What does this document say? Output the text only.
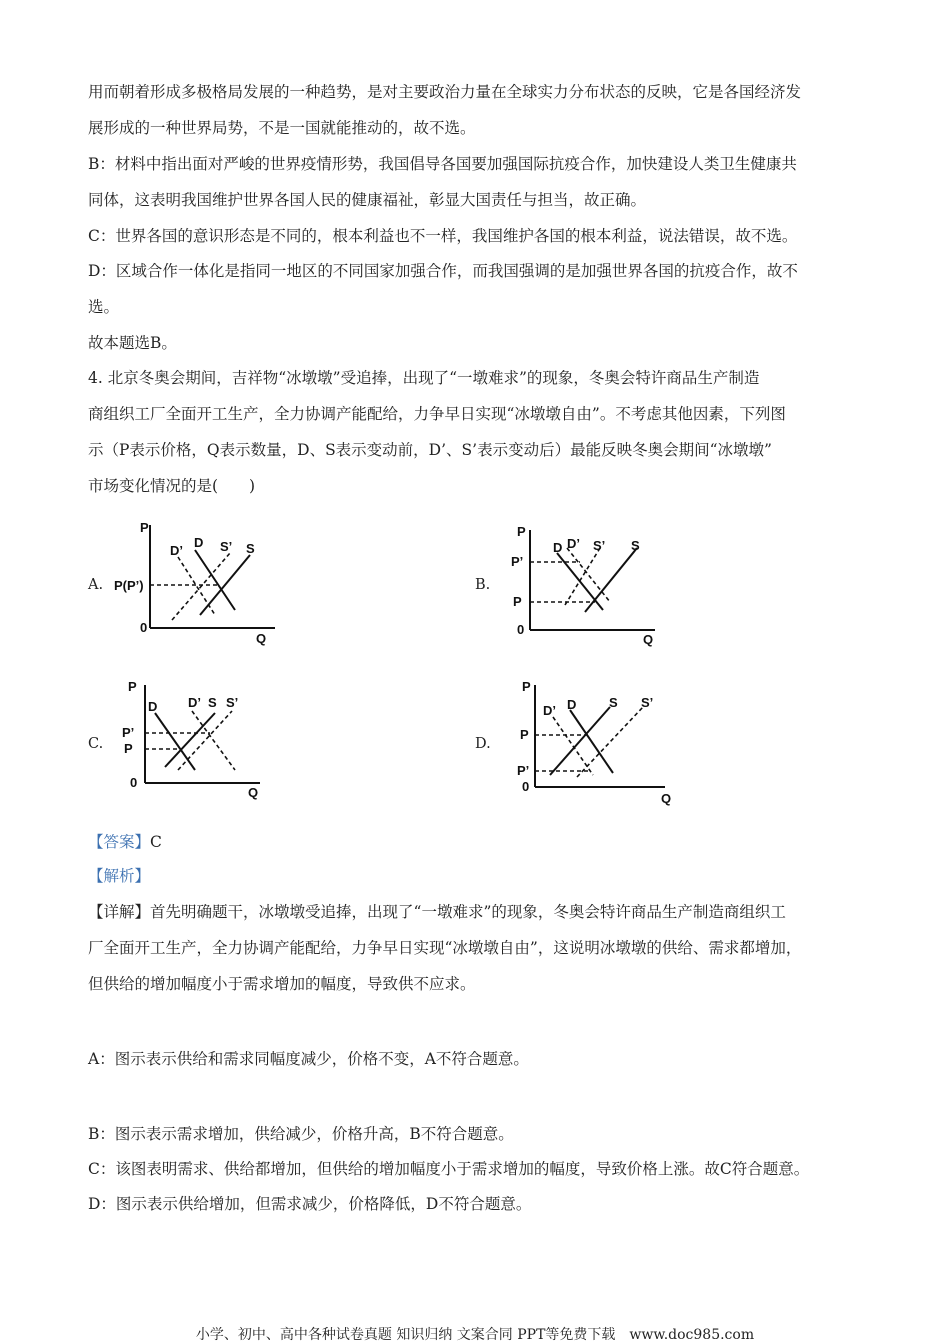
用而朝着形成多极格局发展的一种趋势，是对主要政治力量在全球实力分布状态的反映，它是各国经济发
展形成的一种世界局势，不是一国就能推动的，故不选。
B：材料中指出面对严峻的世界疫情形势，我国倡导各国要加强国际抗疫合作，加快建设人类卫生健康共
同体，这表明我国维护世界各国人民的健康福祉，彰显大国责任与担当，故正确。
C：世界各国的意识形态是不同的，根本利益也不一样，我国维护各国的根本利益，说法错误，故不选。
D：区域合作一体化是指同一地区的不同国家加强合作，而我国强调的是加强世界各国的抗疫合作，故不
选。
故本题选B。
4. 北京冬奥会期间，吉祥物“冰墩墩”受追捧，出现了“一墩难求”的现象，冬奥会特许商品生产制造
商组织工厂全面开工生产，全力协调产能配给，力争早日实现“冰墩墩自由”。不考虑其他因素，下列图
示（P表示价格，Q表示数量，D、S表示变动前，D’、S’表示变动后）最能反映冬奥会期间“冰墩墩”
市场变化情况的是(　　)
A.	B.
C.	D.
P
Q
0
P(P’)
D’
D S’ S
P
Q
0
P’
P
D D’ S’ S
P
Q
0
P’
P
D D’ S S’
P
Q
0
P
P’
D’ D	S S’
【答案】C
【解析】
【详解】首先明确题干，冰墩墩受追捧，出现了“一墩难求”的现象，冬奥会特许商品生产制造商组织工
厂全面开工生产，全力协调产能配给，力争早日实现“冰墩墩自由”，这说明冰墩墩的供给、需求都增加，
但供给的增加幅度小于需求增加的幅度，导致供不应求。
A：图示表示供给和需求同幅度减少，价格不变，A不符合题意。
B：图示表示需求增加，供给减少，价格升高，B不符合题意。
C：该图表明需求、供给都增加，但供给的增加幅度小于需求增加的幅度，导致价格上涨。故C符合题意。
D：图示表示供给增加，但需求减少，价格降低，D不符合题意。
小学、初中、高中各种试卷真题 知识归纳 文案合同 PPT等免费下载　www.doc985.com
